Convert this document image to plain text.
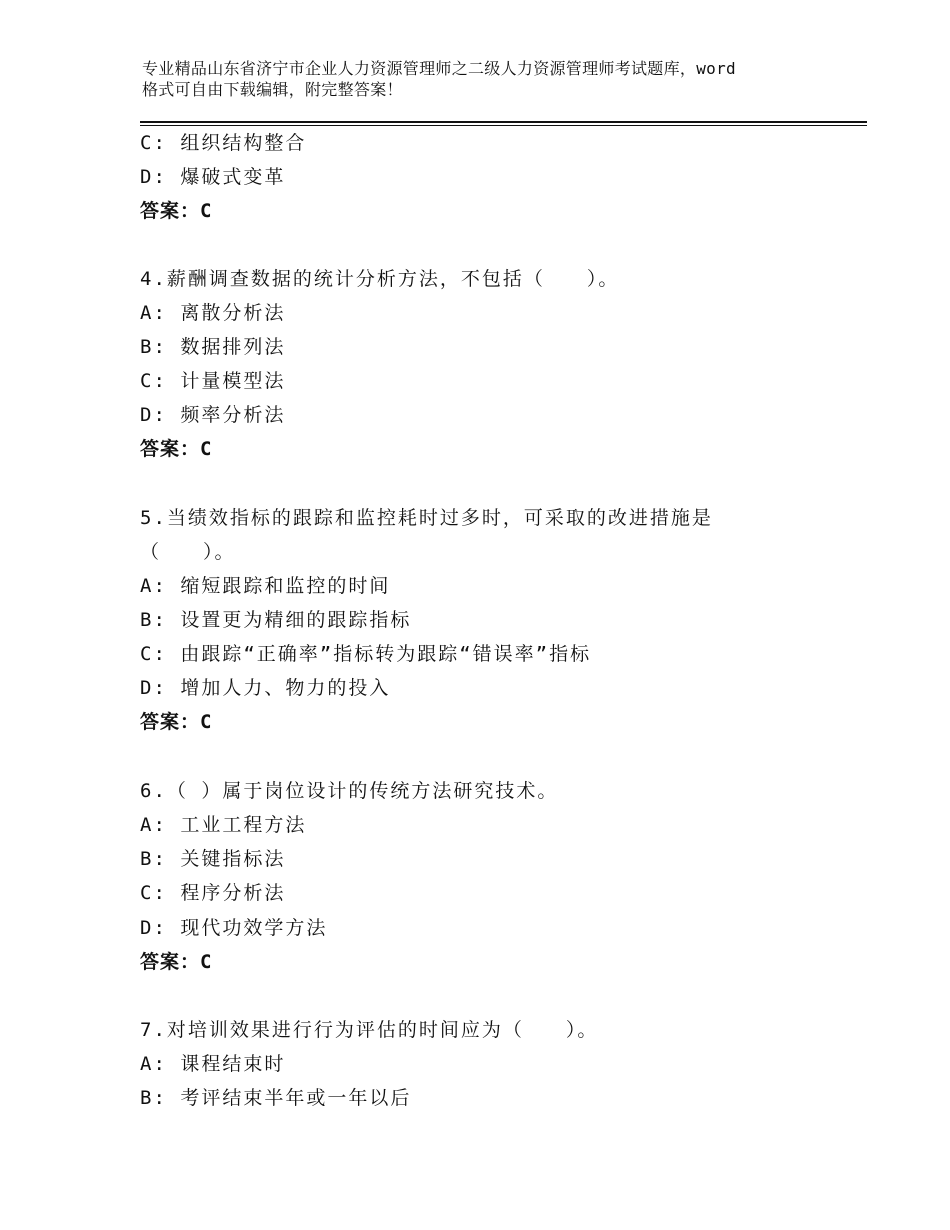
专业精品山东省济宁市企业人力资源管理师之二级人力资源管理师考试题库，word
格式可自由下载编辑，附完整答案！
C: 组织结构整合
D: 爆破式变革
答案：C
4.薪酬调查数据的统计分析方法，不包括（　　）。
A: 离散分析法
B: 数据排列法
C: 计量模型法
D: 频率分析法
答案：C
5.当绩效指标的跟踪和监控耗时过多时，可采取的改进措施是
（　　）。
A: 缩短跟踪和监控的时间
B: 设置更为精细的跟踪指标
C: 由跟踪“正确率”指标转为跟踪“错误率”指标
D: 增加人力、物力的投入
答案：C
6.（ ）属于岗位设计的传统方法研究技术。
A: 工业工程方法
B: 关键指标法
C: 程序分析法
D: 现代功效学方法
答案：C
7.对培训效果进行行为评估的时间应为（　　）。
A: 课程结束时
B: 考评结束半年或一年以后
